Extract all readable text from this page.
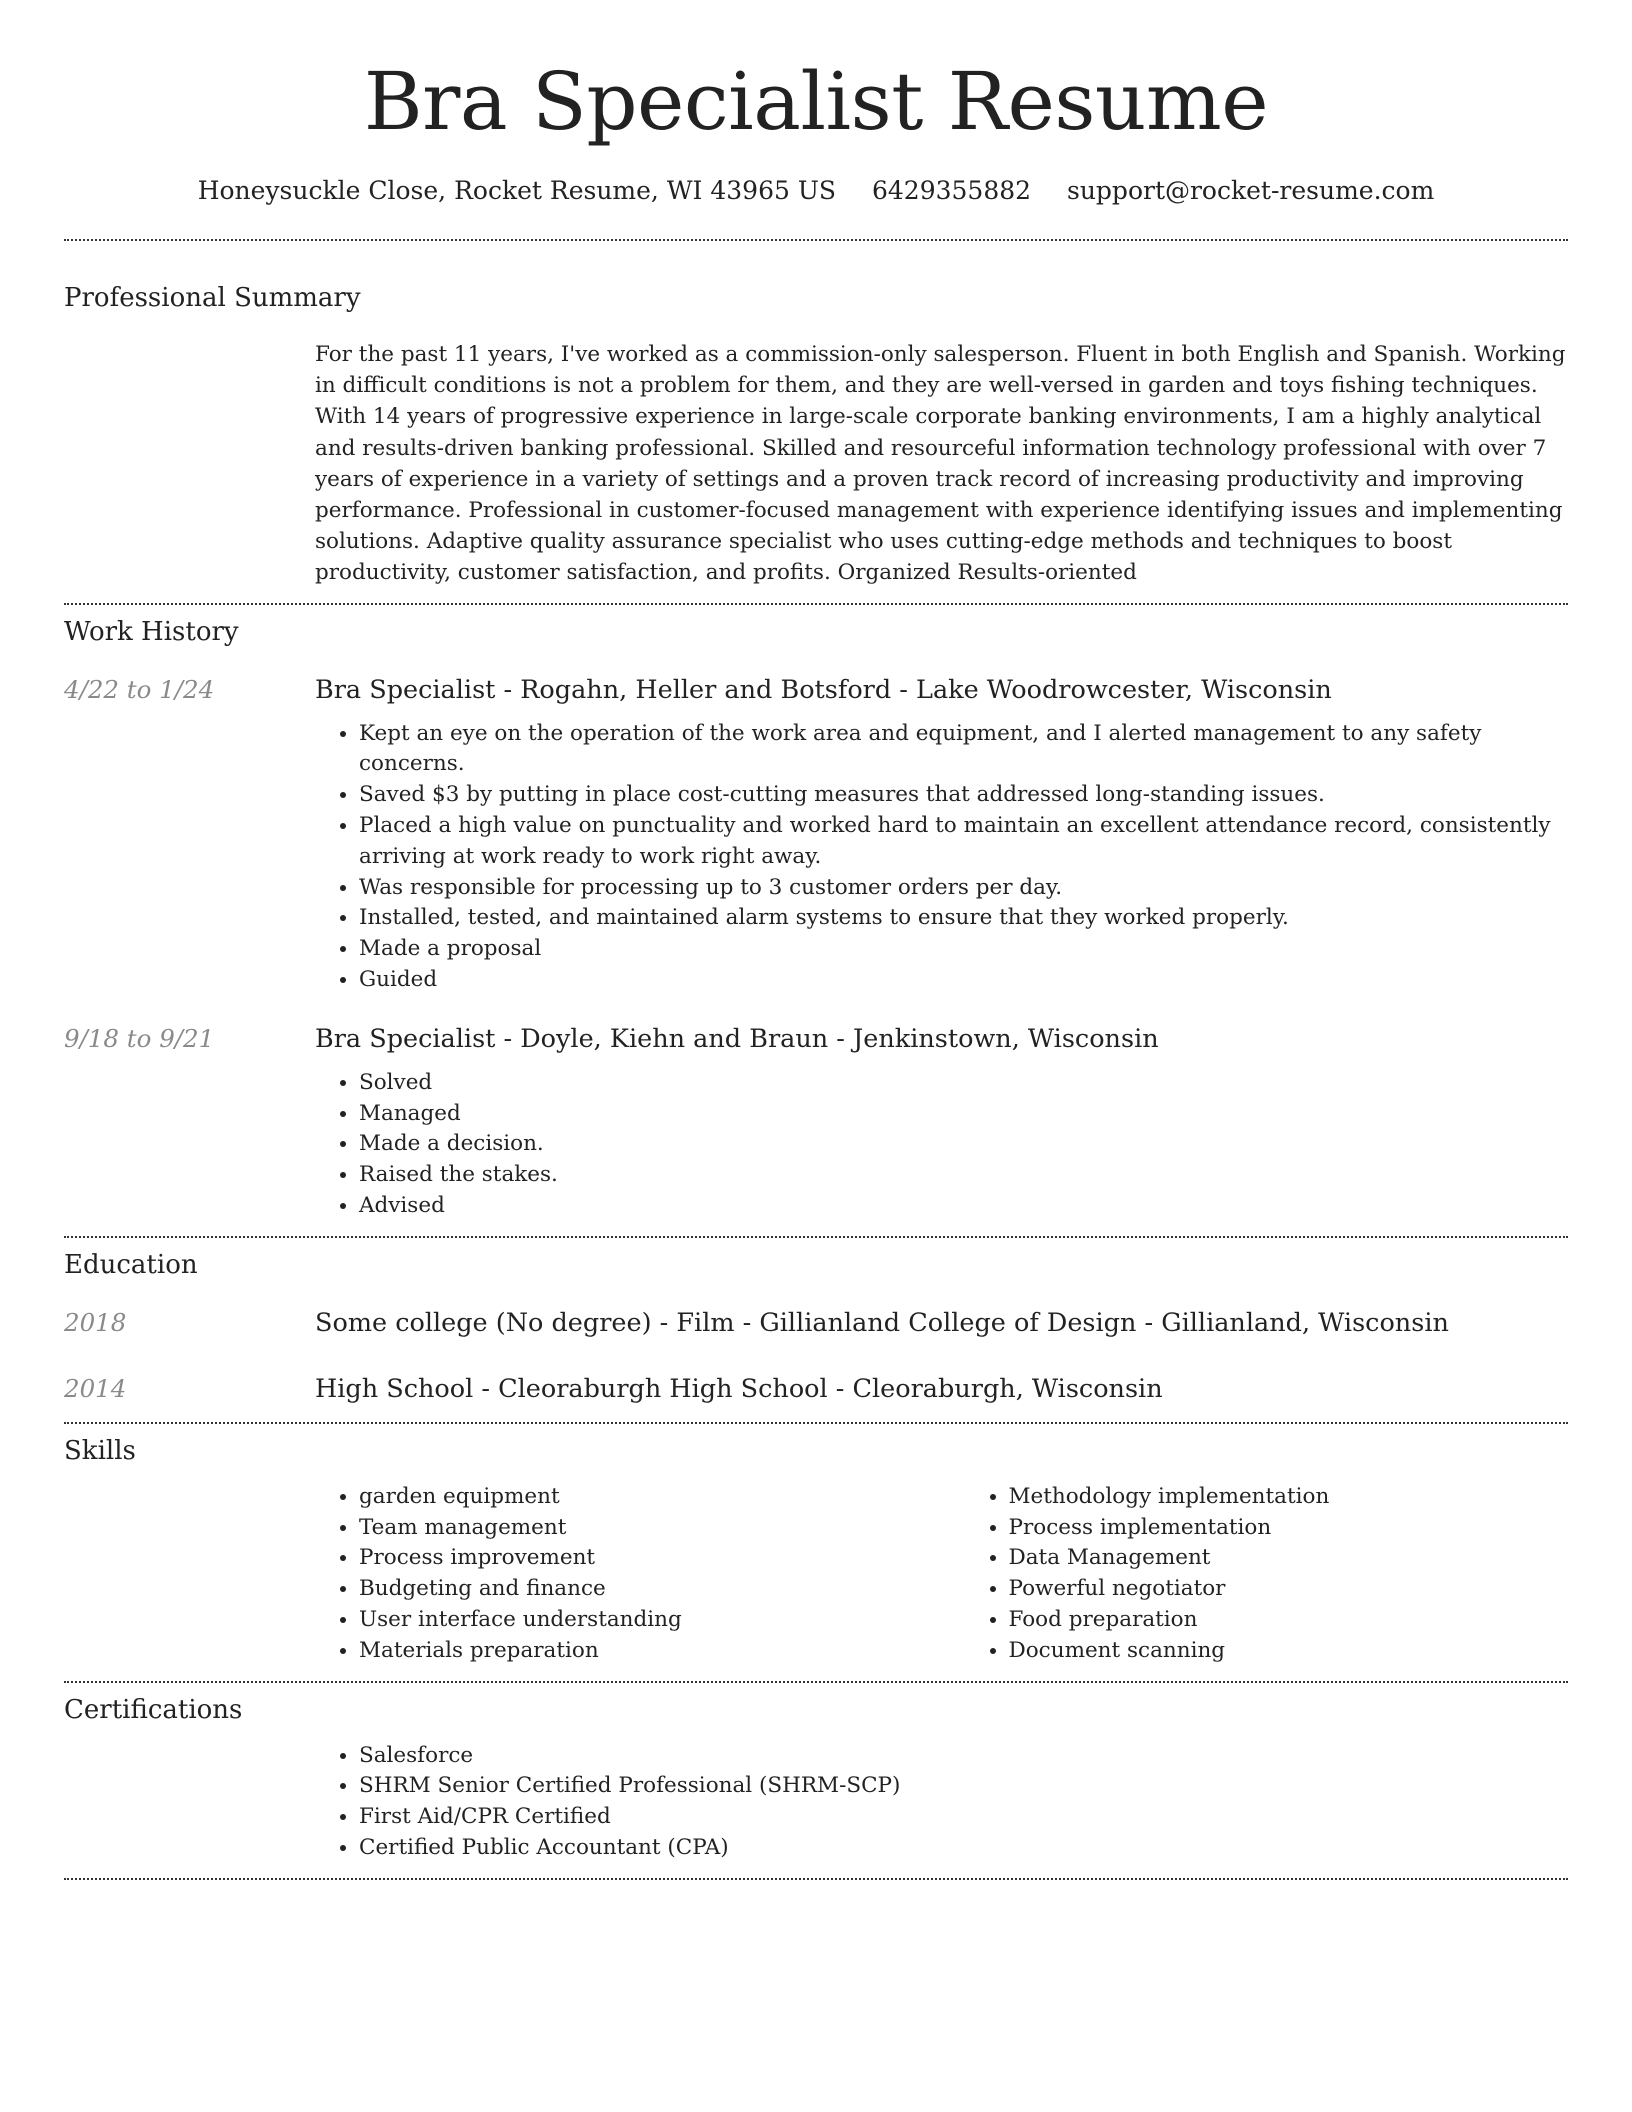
Bra Specialist Resume
Honeysuckle Close, Rocket Resume, WI 43965 US 6429355882 support@rocket-resume.com
Professional Summary
For the past 11 years, I've worked as a commission-only salesperson. Fluent in both English and Spanish. Working in difficult conditions is not a problem for them, and they are well-versed in garden and toys fishing techniques. With 14 years of progressive experience in large-scale corporate banking environments, I am a highly analytical and results-driven banking professional. Skilled and resourceful information technology professional with over 7 years of experience in a variety of settings and a proven track record of increasing productivity and improving performance. Professional in customer-focused management with experience identifying issues and implementing solutions. Adaptive quality assurance specialist who uses cutting-edge methods and techniques to boost productivity, customer satisfaction, and profits. Organized Results-oriented
Work History
4/22 to 1/24	Bra Specialist - Rogahn, Heller and Botsford - Lake Woodrowcester, Wisconsin
• Kept an eye on the operation of the work area and equipment, and I alerted management to any safety concerns.
• Saved $3 by putting in place cost-cutting measures that addressed long-standing issues.
• Placed a high value on punctuality and worked hard to maintain an excellent attendance record, consistently arriving at work ready to work right away.
• Was responsible for processing up to 3 customer orders per day.
• Installed, tested, and maintained alarm systems to ensure that they worked properly.
• Made a proposal
• Guided
9/18 to 9/21	Bra Specialist - Doyle, Kiehn and Braun - Jenkinstown, Wisconsin
• Solved
• Managed
• Made a decision.
• Raised the stakes.
• Advised
Education
2018	Some college (No degree) - Film - Gillianland College of Design - Gillianland, Wisconsin
2014	High School - Cleoraburgh High School - Cleoraburgh, Wisconsin
Skills
• garden equipment
• Team management
• Process improvement
• Budgeting and finance
• User interface understanding
• Materials preparation
• Methodology implementation
• Process implementation
• Data Management
• Powerful negotiator
• Food preparation
• Document scanning
Certifications
• Salesforce
• SHRM Senior Certified Professional (SHRM-SCP)
• First Aid/CPR Certified
• Certified Public Accountant (CPA)
